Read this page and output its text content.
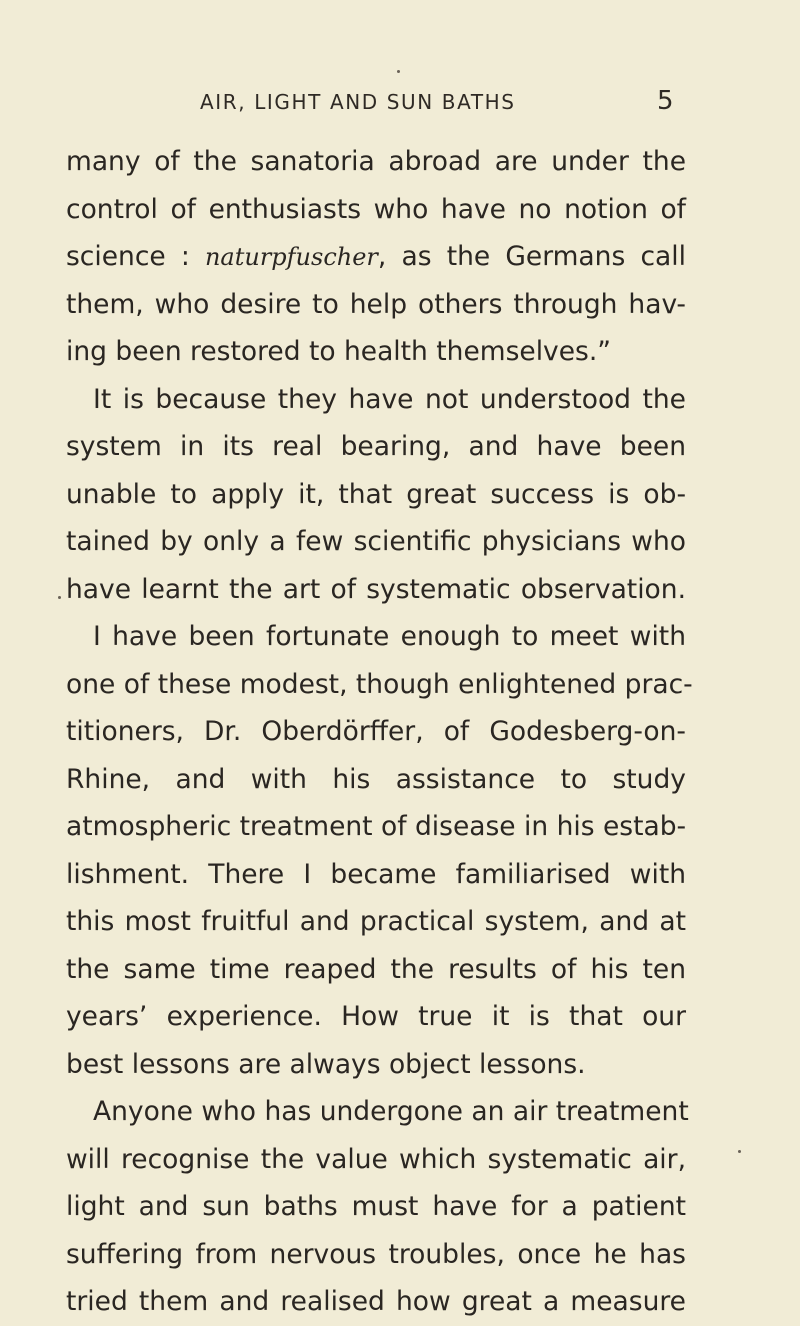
AIR, LIGHT AND SUN BATHS	5
many of the sanatoria abroad are under the
control of enthusiasts who have no notion of
science : naturpfuscher, as the Germans call
them, who desire to help others through hav-
ing been restored to health themselves.”
It is because they have not understood the
system in its real bearing, and have been
unable to apply it, that great success is ob-
tained by only a few scientific physicians who
have learnt the art of systematic observation.
I have been fortunate enough to meet with
one of these modest, though enlightened prac-
titioners, Dr. Oberdörffer, of Godesberg-on-
Rhine, and with his assistance to study
atmospheric treatment of disease in his estab-
lishment. There I became familiarised with
this most fruitful and practical system, and at
the same time reaped the results of his ten
years’ experience. How true it is that our
best lessons are always object lessons.
Anyone who has undergone an air treatment
will recognise the value which systematic air,
light and sun baths must have for a patient
suffering from nervous troubles, once he has
tried them and realised how great a measure
